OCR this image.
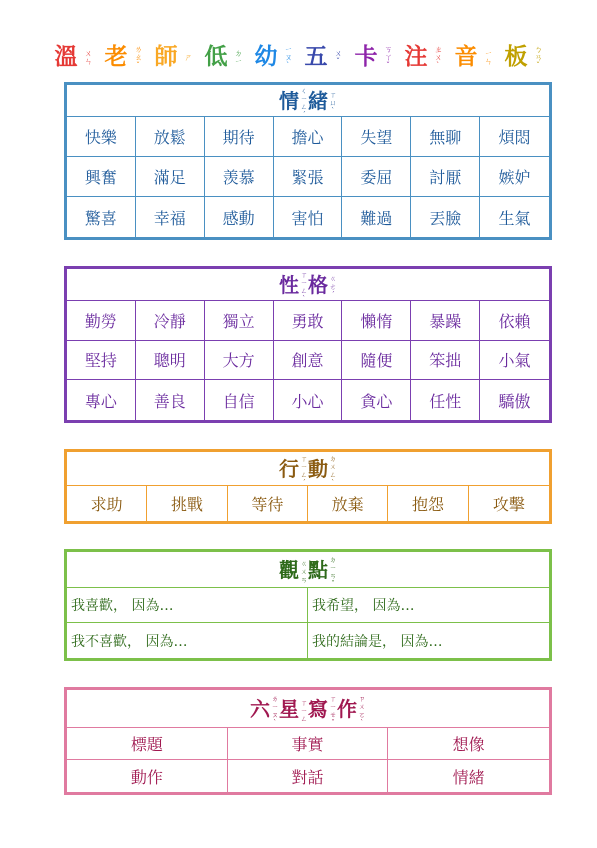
溫 ㄨㄣ 老 ㄌㄠˇ 師 ㄕ 低 ㄉㄧ 幼 ㄧㄡˋ 五 ㄨˇ 卡 ㄎㄚˇ 注 ㄓㄨˋ 音 ㄧㄣ 板 ㄅㄢˇ
情 ㄑㄧㄥˊ緒 ㄒㄩˋ
快樂 放鬆 期待 擔心 失望 無聊 煩悶
興奮 滿足 羡慕 緊張 委屈 討厭 嫉妒
驚喜 幸福 感動 害怕 難過 丟臉 生氣
性 ㄒㄧㄥˋ格 ㄍㄜˊ
勤勞 冷靜 獨立 勇敢 懶惰 暴躁 依賴
堅持 聰明 大方 創意 隨便 笨拙 小氣
專心 善良 自信 小心 貪心 任性 驕傲
行 ㄒㄧㄥˊ動 ㄉㄨㄥˋ
求助	挑戰	等待	放棄	抱怨	攻擊
觀 ㄍㄨㄢ點 ㄉㄧㄢˇ
我喜歡， 因為…	我希望， 因為…
我不喜歡， 因為…	我的結論是， 因為…
六 ㄌㄧㄡˋ星 ㄒㄧㄥ寫 ㄒㄧㄝˇ作 ㄗㄨㄛˋ
標題	事實	想像
動作	對話	情緒
